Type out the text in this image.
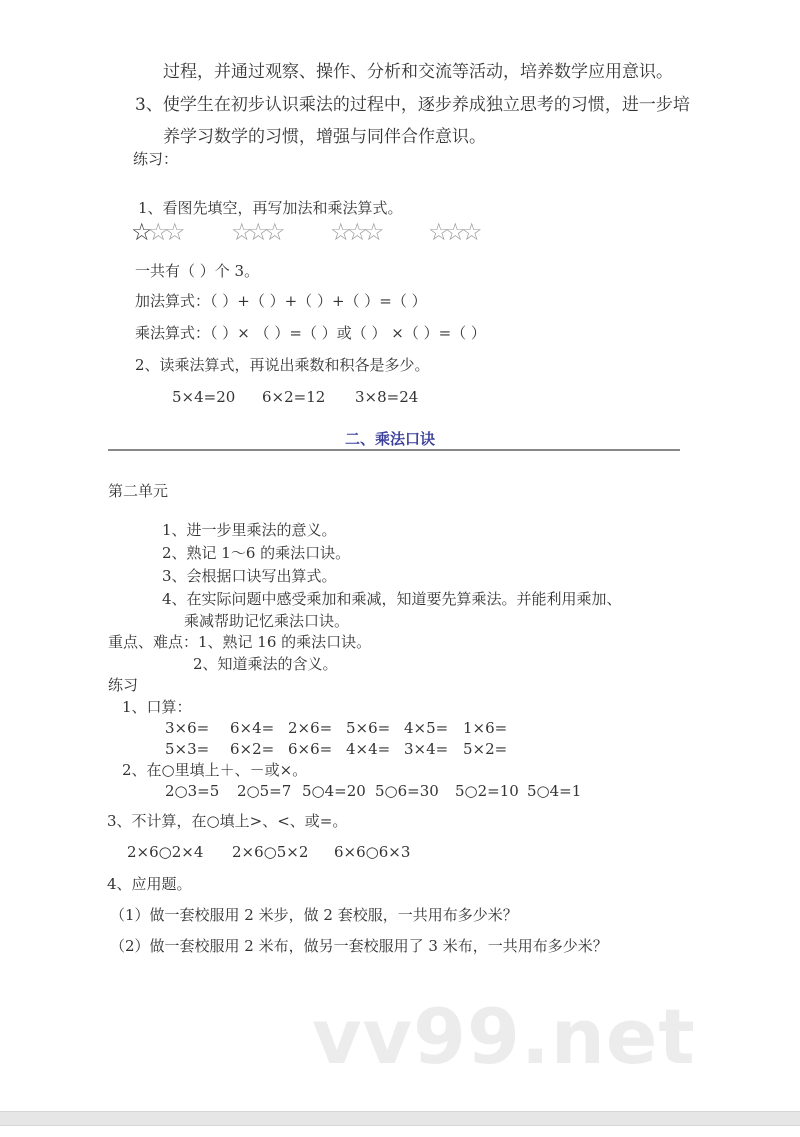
过程，并通过观察、操作、分析和交流等活动，培养数学应用意识。
3、使学生在初步认识乘法的过程中，逐步养成独立思考的习惯，进一步培
养学习数学的习惯，增强与同伴合作意识。
练习：
1、看图先填空，再写加法和乘法算式。
☆☆☆ ☆☆☆ ☆☆☆ ☆☆☆
一共有（ ）个 3。
加法算式：（ ）+（ ）+（ ）+（ ）=（ ）
乘法算式：（ ）× （ ）=（ ）或（ ） ×（ ）=（ ）
2、读乘法算式，再说出乘数和积各是多少。
5×4=20 6×2=12 3×8=24
二、乘法口诀
第二单元
1、进一步里乘法的意义。
2、熟记 1～6 的乘法口诀。
3、会根据口诀写出算式。
4、在实际问题中感受乘加和乘减，知道要先算乘法。并能利用乘加、
乘减帮助记忆乘法口诀。
重点、难点：1、熟记 16 的乘法口诀。
2、知道乘法的含义。
练习
1、口算：
3×6= 6×4= 2×6= 5×6= 4×5= 1×6=
5×3= 6×2= 6×6= 4×4= 3×4= 5×2=
2、在○里填上＋、－或×。
2○3=5 2○5=7 5○4=20 5○6=30 5○2=10 5○4=1
3、不计算，在○填上>、<、或=。
2×6○2×4 2×6○5×2 6×6○6×3
4、应用题。
（1）做一套校服用 2 米步，做 2 套校服，一共用布多少米？
（2）做一套校服用 2 米布，做另一套校服用了 3 米布，一共用布多少米？
vv99.net
